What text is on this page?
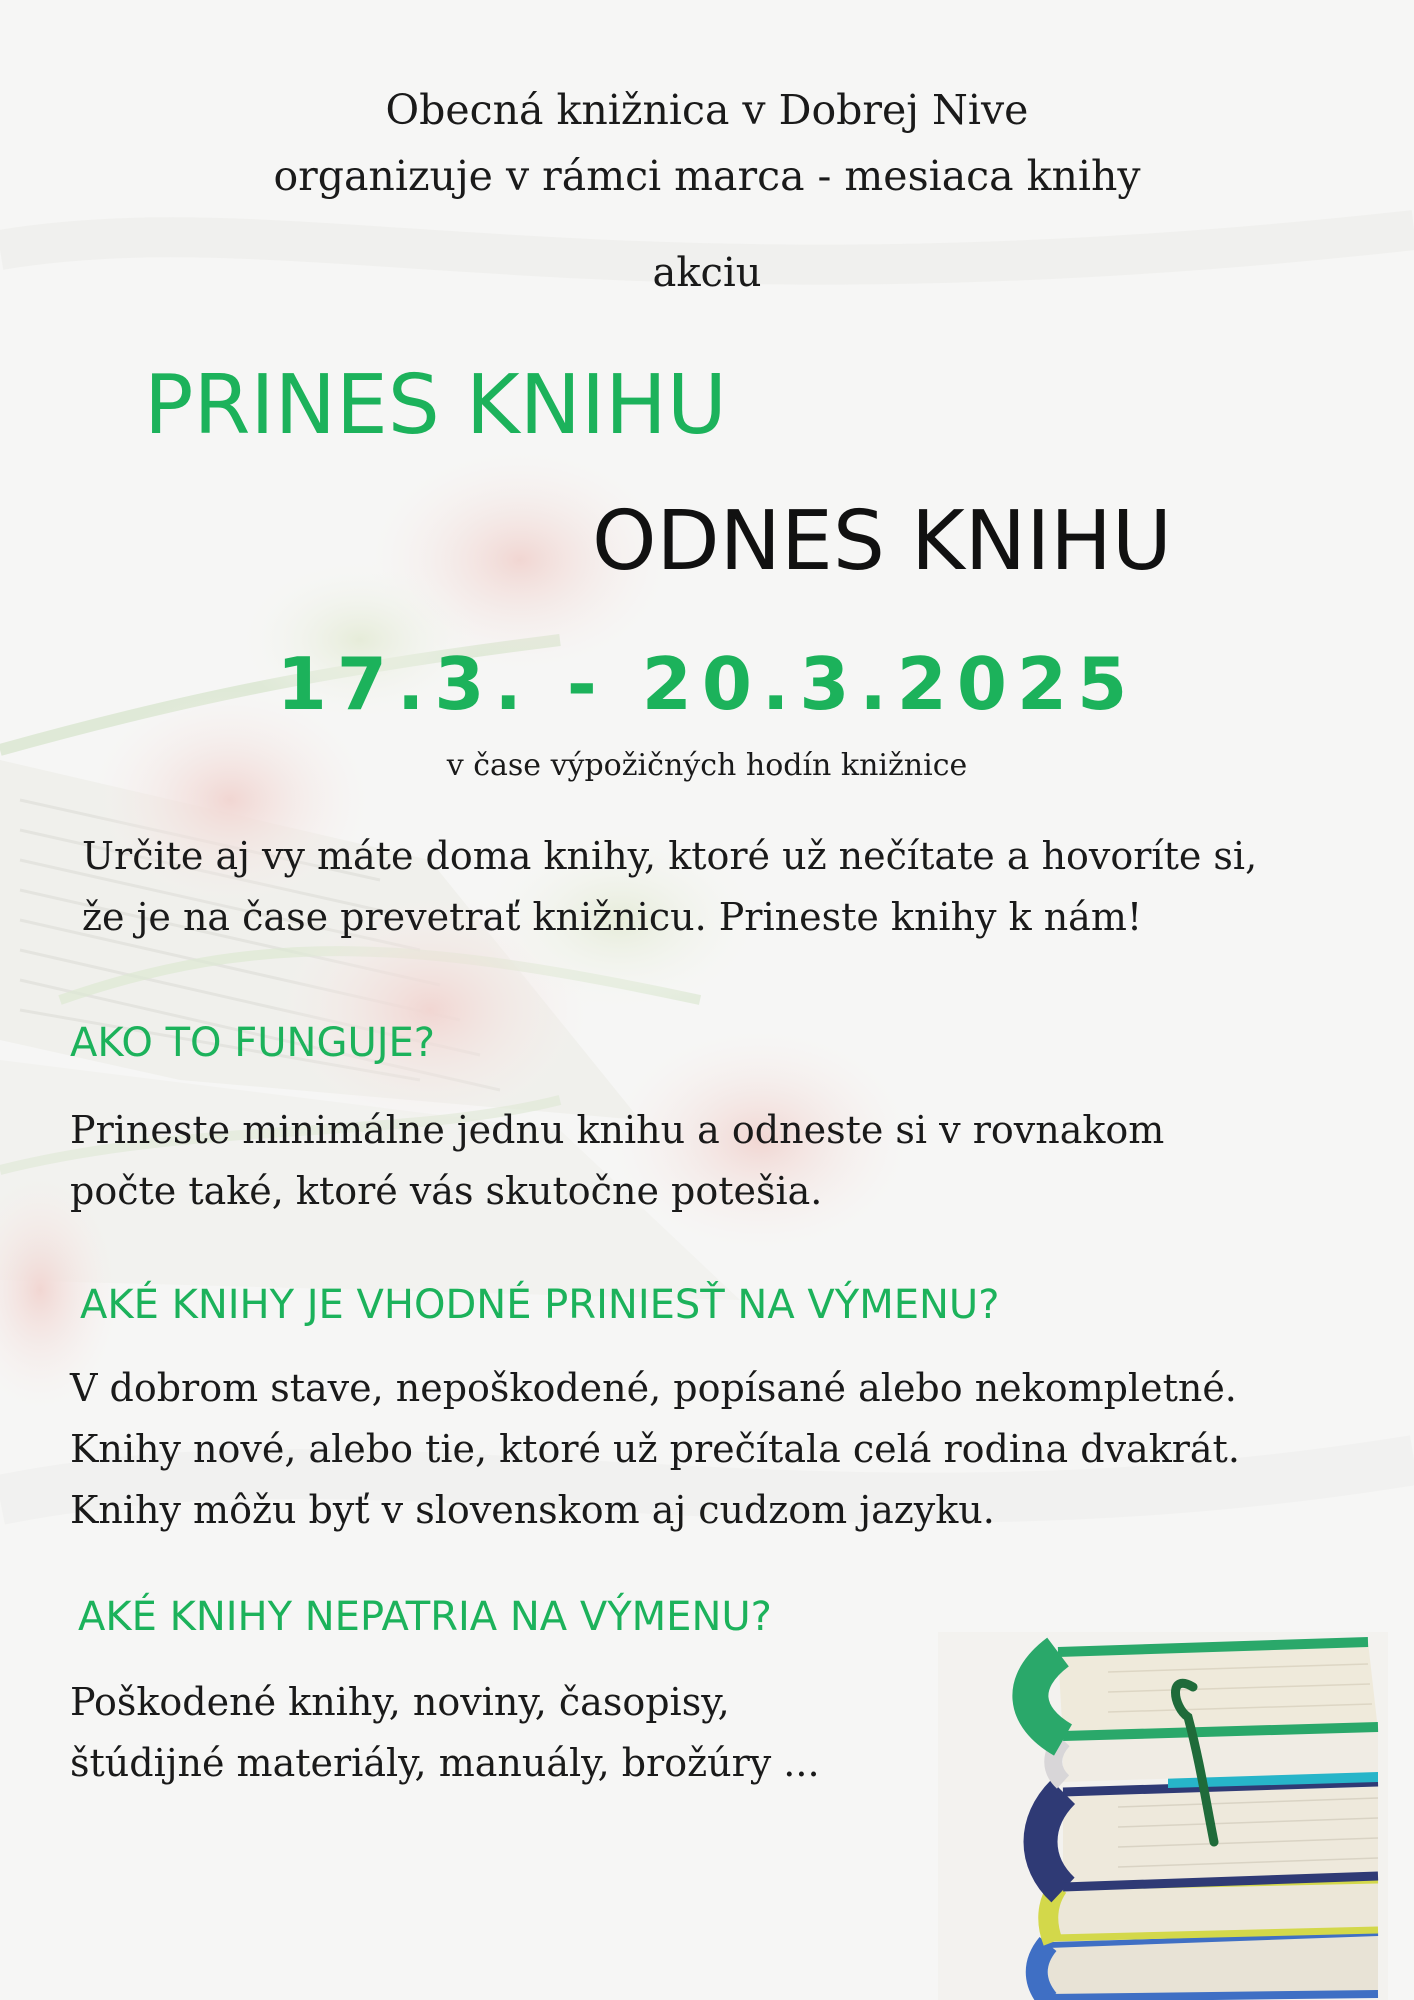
Obecná knižnica v Dobrej Nive

organizuje v rámci marca - mesiaca knihy

akciu

PRINES KNIHU

ODNES KNIHU

17.3. - 20.3.2025

v čase výpožičných hodín knižnice

Určite aj vy máte doma knihy, ktoré už nečítate a hovoríte si,

že je na čase prevetrať knižnicu. Prineste knihy k nám!

AKO TO FUNGUJE?

Prineste minimálne jednu knihu a odneste si v rovnakom

počte také, ktoré vás skutočne potešia.

AKÉ KNIHY JE VHODNÉ PRINIESŤ NA VÝMENU?

V dobrom stave, nepoškodené, popísané alebo nekompletné.

Knihy nové, alebo tie, ktoré už prečítala celá rodina dvakrát.

Knihy môžu byť v slovenskom aj cudzom jazyku.

AKÉ KNIHY NEPATRIA NA VÝMENU?

Poškodené knihy, noviny, časopisy,

štúdijné materiály, manuály, brožúry ...
